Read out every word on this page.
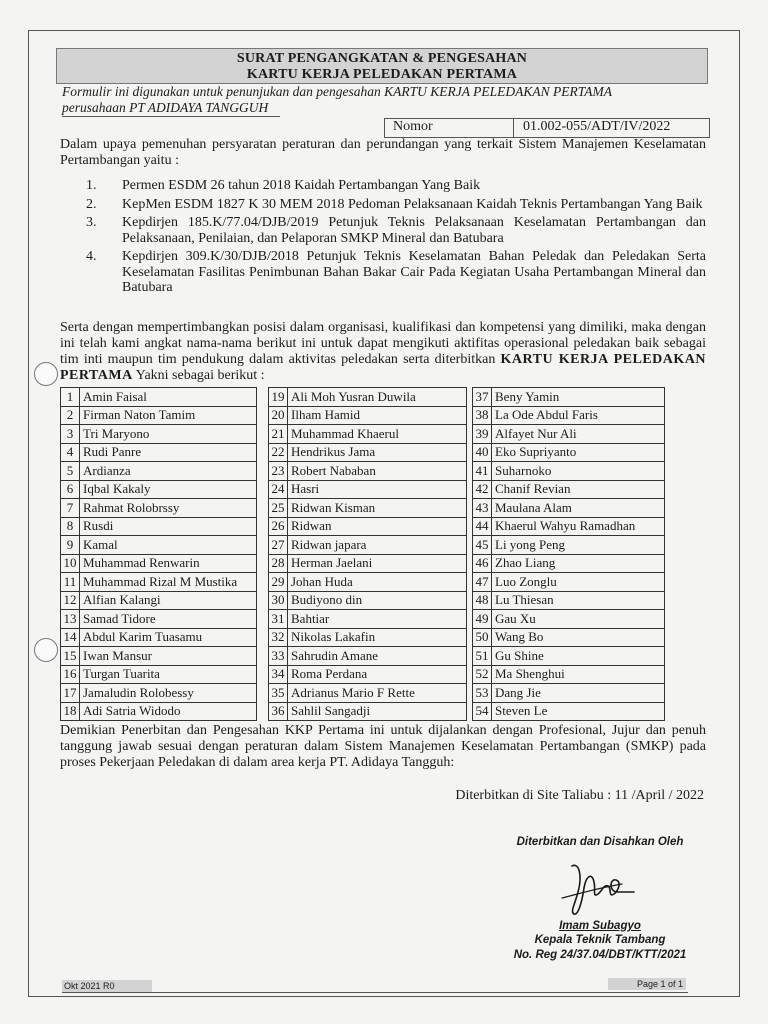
SURAT PENGANGKATAN & PENGESAHAN
KARTU KERJA PELEDAKAN PERTAMA
Formulir ini digunakan untuk penunjukan dan pengesahan KARTU KERJA PELEDAKAN PERTAMA
perusahaan PT ADIDAYA TANGGUH
Nomor	01.002-055/ADT/IV/2022
Dalam upaya pemenuhan persyaratan peraturan dan perundangan yang terkait Sistem Manajemen Keselamatan Pertambangan yaitu :
1. Permen ESDM 26 tahun 2018 Kaidah Pertambangan Yang Baik
2. KepMen ESDM 1827 K 30 MEM 2018 Pedoman Pelaksanaan Kaidah Teknis Pertambangan Yang Baik
3. Kepdirjen 185.K/77.04/DJB/2019 Petunjuk Teknis Pelaksanaan Keselamatan Pertambangan dan Pelaksanaan, Penilaian, dan Pelaporan SMKP Mineral dan Batubara
4. Kepdirjen 309.K/30/DJB/2018 Petunjuk Teknis Keselamatan Bahan Peledak dan Peledakan Serta Keselamatan Fasilitas Penimbunan Bahan Bakar Cair Pada Kegiatan Usaha Pertambangan Mineral dan Batubara
Serta dengan mempertimbangkan posisi dalam organisasi, kualifikasi dan kompetensi yang dimiliki, maka dengan ini telah kami angkat nama-nama berikut ini untuk dapat mengikuti aktifitas operasional peledakan baik sebagai tim inti maupun tim pendukung dalam aktivitas peledakan serta diterbitkan KARTU KERJA PELEDAKAN PERTAMA Yakni sebagai berikut :
1	Amin Faisal
2	Firman Naton Tamim
3	Tri Maryono
4	Rudi Panre
5	Ardianza
6	Iqbal Kakaly
7	Rahmat Rolobrssy
8	Rusdi
9	Kamal
10	Muhammad Renwarin
11	Muhammad Rizal M Mustika
12	Alfian Kalangi
13	Samad Tidore
14	Abdul Karim Tuasamu
15	Iwan Mansur
16	Turgan Tuarita
17	Jamaludin Rolobessy
18	Adi Satria Widodo
19	Ali Moh Yusran Duwila
20	Ilham Hamid
21	Muhammad Khaerul
22	Hendrikus Jama
23	Robert Nababan
24	Hasri
25	Ridwan Kisman
26	Ridwan
27	Ridwan japara
28	Herman Jaelani
29	Johan Huda
30	Budiyono din
31	Bahtiar
32	Nikolas Lakafin
33	Sahrudin Amane
34	Roma Perdana
35	Adrianus Mario F Rette
36	Sahlil Sangadji
37	Beny Yamin
38	La Ode Abdul Faris
39	Alfayet Nur Ali
40	Eko Supriyanto
41	Suharnoko
42	Chanif Revian
43	Maulana Alam
44	Khaerul Wahyu Ramadhan
45	Li yong Peng
46	Zhao Liang
47	Luo Zonglu
48	Lu Thiesan
49	Gau Xu
50	Wang Bo
51	Gu Shine
52	Ma Shenghui
53	Dang Jie
54	Steven Le
Demikian Penerbitan dan Pengesahan KKP Pertama ini untuk dijalankan dengan Profesional, Jujur dan penuh tanggung jawab sesuai dengan peraturan dalam Sistem Manajemen Keselamatan Pertambangan (SMKP) pada proses Pekerjaan Peledakan di dalam area kerja PT. Adidaya Tangguh:
Diterbitkan di Site Taliabu : 11 /April / 2022
Diterbitkan dan Disahkan Oleh
Imam Subagyo
Kepala Teknik Tambang
No. Reg 24/37.04/DBT/KTT/2021
Okt 2021 R0	Page 1 of 1
